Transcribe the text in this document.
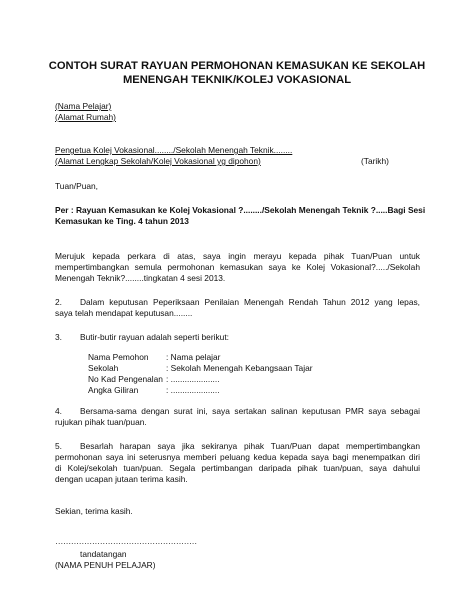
CONTOH SURAT RAYUAN PERMOHONAN KEMASUKAN KE SEKOLAH
MENENGAH TEKNIK/KOLEJ VOKASIONAL
(Nama Pelajar)
(Alamat Rumah)
Pengetua Kolej Vokasional......../Sekolah Menengah Teknik........
(Alamat Lengkap Sekolah/Kolej Vokasional yg dipohon)	(Tarikh)
Tuan/Puan,
Per : Rayuan Kemasukan ke Kolej Vokasional ?......../Sekolah Menengah Teknik ?.....Bagi Sesi
Kemasukan ke Ting. 4 tahun 2013
Merujuk kepada perkara di atas, saya ingin merayu kepada pihak Tuan/Puan untuk
mempertimbangkan semula permohonan kemasukan saya ke Kolej Vokasional?...../Sekolah
Menengah Teknik?........tingkatan 4 sesi 2013.
2. Dalam keputusan Peperiksaan Penilaian Menengah Rendah Tahun 2012 yang lepas,
saya telah mendapat keputusan........
3. Butir-butir rayuan adalah seperti berikut:
Nama Pemohon : Nama pelajar
Sekolah	: Sekolah Menengah Kebangsaan Tajar
No Kad Pengenalan : .....................
Angka Giliran	: .....................
4. Bersama-sama dengan surat ini, saya sertakan salinan keputusan PMR saya sebagai
rujukan pihak tuan/puan.
5. Besarlah harapan saya jika sekiranya pihak Tuan/Puan dapat mempertimbangkan
permohonan saya ini seterusnya memberi peluang kedua kepada saya bagi menempatkan diri
di Kolej/sekolah tuan/puan. Segala pertimbangan daripada pihak tuan/puan, saya dahului
dengan ucapan jutaan terima kasih.
Sekian, terima kasih.
………………………………………………
tandatangan
(NAMA PENUH PELAJAR)
